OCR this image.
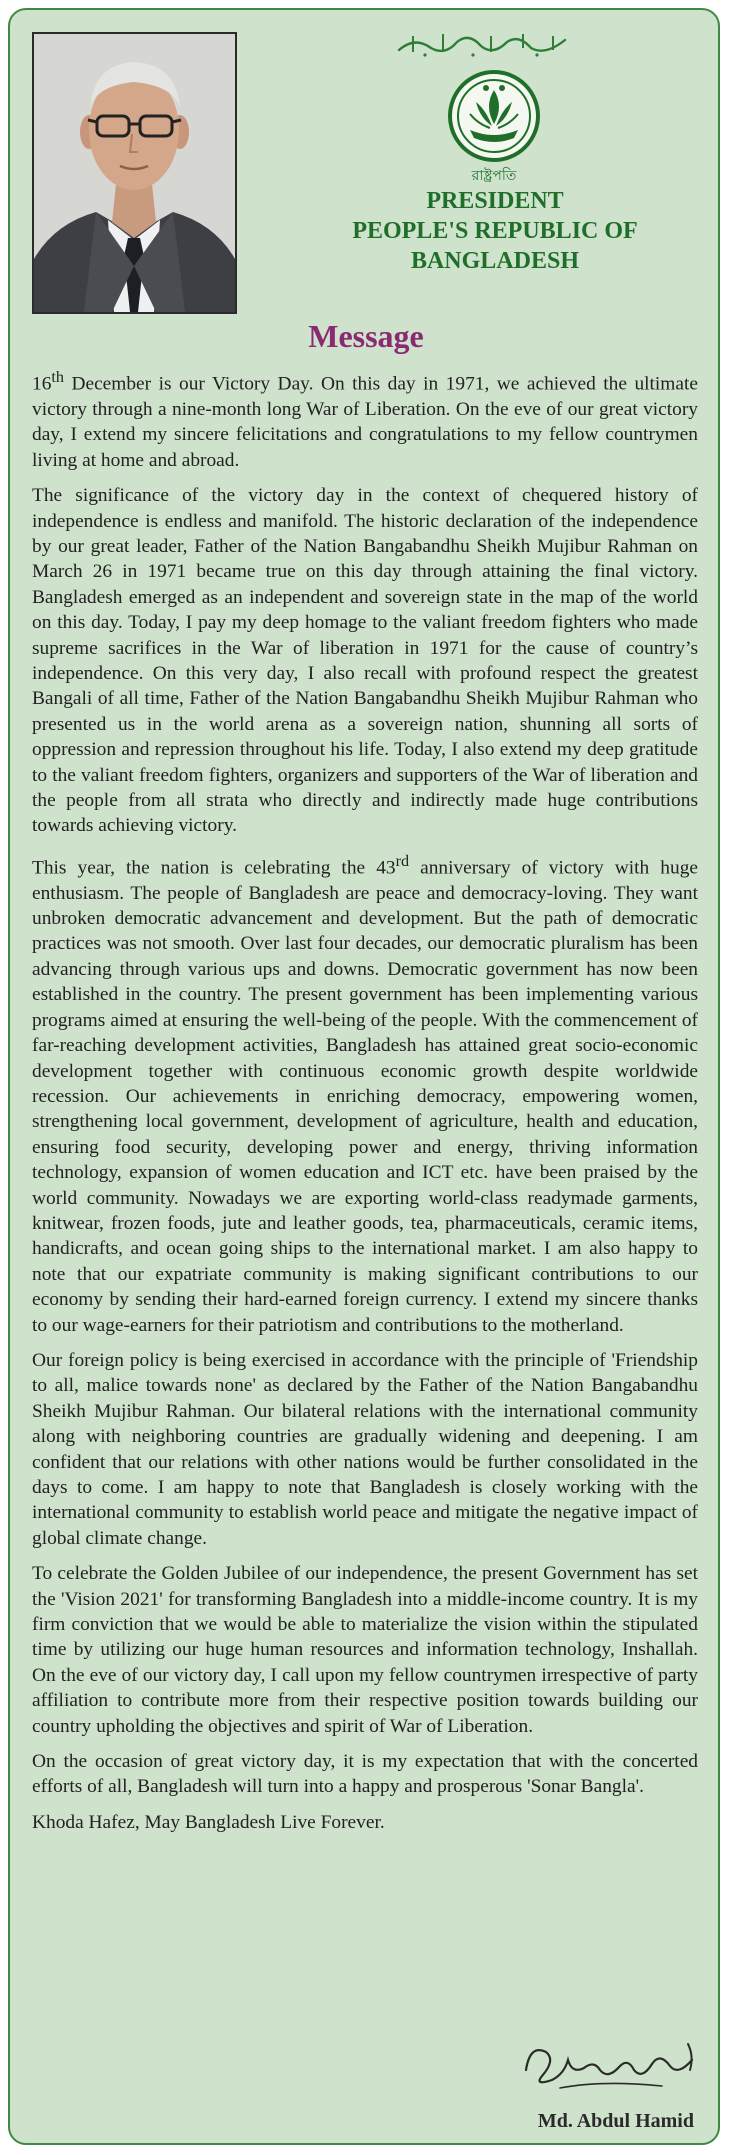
রাষ্ট্রপতি
PRESIDENT
PEOPLE'S REPUBLIC OF
BANGLADESH
Message

16th December is our Victory Day. On this day in 1971, we achieved the ultimate victory through a nine-month long War of Liberation. On the eve of our great victory day, I extend my sincere felicitations and congratulations to my fellow countrymen living at home and abroad.

The significance of the victory day in the context of chequered history of independence is endless and manifold. The historic declaration of the independence by our great leader, Father of the Nation Bangabandhu Sheikh Mujibur Rahman on March 26 in 1971 became true on this day through attaining the final victory. Bangladesh emerged as an independent and sovereign state in the map of the world on this day. Today, I pay my deep homage to the valiant freedom fighters who made supreme sacrifices in the War of liberation in 1971 for the cause of country’s independence. On this very day, I also recall with profound respect the greatest Bangali of all time, Father of the Nation Bangabandhu Sheikh Mujibur Rahman who presented us in the world arena as a sovereign nation, shunning all sorts of oppression and repression throughout his life. Today, I also extend my deep gratitude to the valiant freedom fighters, organizers and supporters of the War of liberation and the people from all strata who directly and indirectly made huge contributions towards achieving victory.

This year, the nation is celebrating the 43rd anniversary of victory with huge enthusiasm. The people of Bangladesh are peace and democracy-loving. They want unbroken democratic advancement and development. But the path of democratic practices was not smooth. Over last four decades, our democratic pluralism has been advancing through various ups and downs. Democratic government has now been established in the country. The present government has been implementing various programs aimed at ensuring the well-being of the people. With the commencement of far-reaching development activities, Bangladesh has attained great socio-economic development together with continuous economic growth despite worldwide recession. Our achievements in enriching democracy, empowering women, strengthening local government, development of agriculture, health and education, ensuring food security, developing power and energy, thriving information technology, expansion of women education and ICT etc. have been praised by the world community. Nowadays we are exporting world-class readymade garments, knitwear, frozen foods, jute and leather goods, tea, pharmaceuticals, ceramic items, handicrafts, and ocean going ships to the international market. I am also happy to note that our expatriate community is making significant contributions to our economy by sending their hard-earned foreign currency. I extend my sincere thanks to our wage-earners for their patriotism and contributions to the motherland.

Our foreign policy is being exercised in accordance with the principle of 'Friendship to all, malice towards none' as declared by the Father of the Nation Bangabandhu Sheikh Mujibur Rahman. Our bilateral relations with the international community along with neighboring countries are gradually widening and deepening. I am confident that our relations with other nations would be further consolidated in the days to come. I am happy to note that Bangladesh is closely working with the international community to establish world peace and mitigate the negative impact of global climate change.

To celebrate the Golden Jubilee of our independence, the present Government has set the 'Vision 2021' for transforming Bangladesh into a middle-income country. It is my firm conviction that we would be able to materialize the vision within the stipulated time by utilizing our huge human resources and information technology, Inshallah. On the eve of our victory day, I call upon my fellow countrymen irrespective of party affiliation to contribute more from their respective position towards building our country upholding the objectives and spirit of War of Liberation.

On the occasion of great victory day, it is my expectation that with the concerted efforts of all, Bangladesh will turn into a happy and prosperous 'Sonar Bangla'.

Khoda Hafez, May Bangladesh Live Forever.

Md. Abdul Hamid
